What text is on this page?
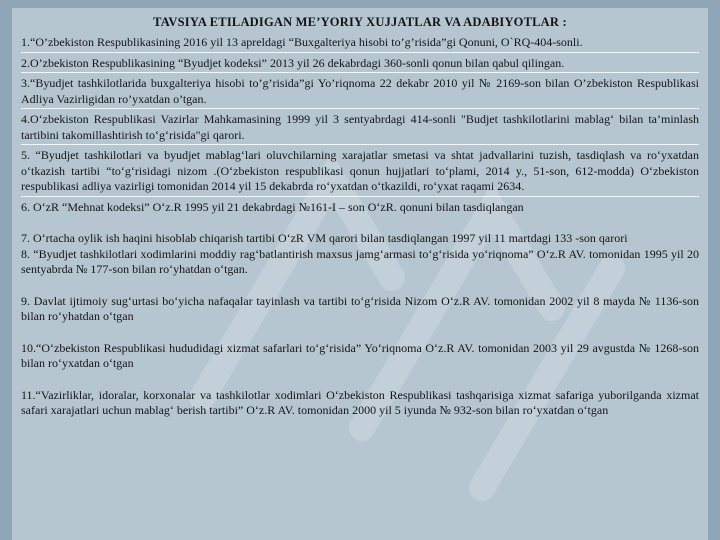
TAVSIYA ETILADIGAN ME’YORIY XUJJATLAR VA ADABIYOTLAR :

1.“O’zbekiston Respublikasining 2016 yil 13 apreldagi “Buxgalteriya hisobi to’g’risida”gi Qonuni, O`RQ-404-sonli.

2.O’zbekiston Respublikasining “Byudjet kodeksi” 2013 yil 26 dekabrdagi 360-sonli qonun bilan qabul qilingan.

3.“Byudjet tashkilotlarida buxgalteriya hisobi to’g’risida”gi Yo’riqnoma 22 dekabr 2010 yil № 2169-son bilan O’zbekiston Respublikasi Adliya Vazirligidan ro’yxatdan o’tgan.

4.O‘zbekiston Respublikasi Vazirlar Mahkamasining 1999 yil 3 sentyabrdagi 414-sonli "Budjet tashkilotlarini mablag‘ bilan ta’minlash tartibini takomillashtirish to‘g‘risida"gi qarori.

5. “Byudjet tashkilotlari va byudjet mablag‘lari oluvchilarning xarajatlar smetasi va shtat jadvallarini tuzish, tasdiqlash va ro‘yxatdan o‘tkazish tartibi “to‘g‘risidagi nizom .(O‘zbekiston respublikasi qonun hujjatlari to‘plami, 2014 y., 51-son, 612-modda) O‘zbekiston respublikasi adliya vazirligi tomonidan 2014 yil 15 dekabrda ro‘yxatdan o‘tkazildi, ro‘yxat raqami 2634.

6. O‘zR “Mehnat kodeksi” O‘z.R 1995 yil 21 dekabrdagi №161-I – son O‘zR. qonuni bilan tasdiqlangan

7. O‘rtacha oylik ish haqini hisoblab chiqarish tartibi O‘zR VM qarori bilan tasdiqlangan 1997 yil 11 martdagi 133 -son qarori

8. “Byudjet tashkilotlari xodimlarini moddiy rag‘batlantirish maxsus jamg‘armasi to‘g‘risida yo‘riqnoma” O‘z.R AV. tomonidan 1995 yil 20 sentyabrda № 177-son bilan ro‘yhatdan o‘tgan.

9. Davlat ijtimoiy sug‘urtasi bo‘yicha nafaqalar tayinlash va tartibi to‘g‘risida Nizom O‘z.R AV. tomonidan 2002 yil 8 mayda № 1136-son bilan ro‘yhatdan o‘tgan

10.“O‘zbekiston Respublikasi hududidagi xizmat safarlari to‘g‘risida” Yo‘riqnoma O‘z.R AV. tomonidan 2003 yil 29 avgustda № 1268-son bilan ro‘yxatdan o‘tgan

11.“Vazirliklar, idoralar, korxonalar va tashkilotlar xodimlari O‘zbekiston Respublikasi tashqarisiga xizmat safariga yuborilganda xizmat safari xarajatlari uchun mablag‘ berish tartibi” O‘z.R AV. tomonidan 2000 yil 5 iyunda № 932-son bilan ro‘yxatdan o‘tgan
